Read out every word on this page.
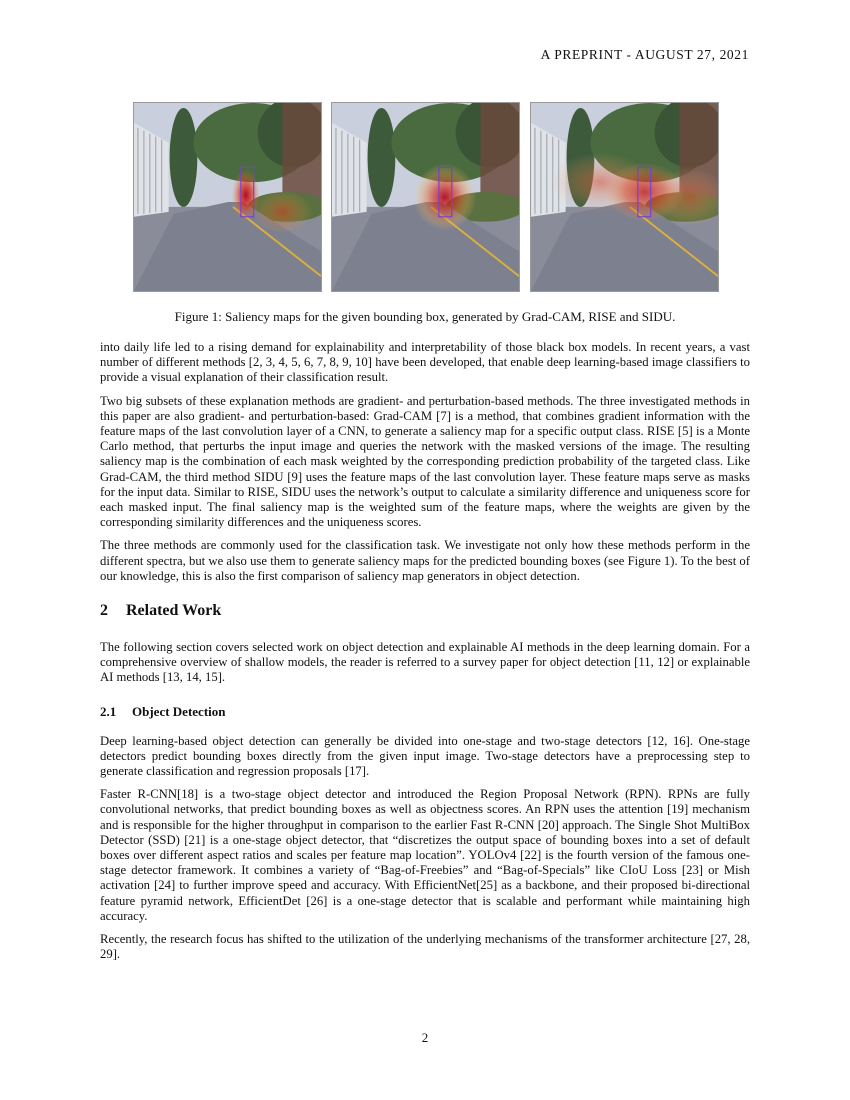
A PREPRINT - AUGUST 27, 2021
Figure 1: Saliency maps for the given bounding box, generated by Grad-CAM, RISE and SIDU.

into daily life led to a rising demand for explainability and interpretability of those black box models. In recent years, a vast number of different methods [2, 3, 4, 5, 6, 7, 8, 9, 10] have been developed, that enable deep learning-based image classifiers to provide a visual explanation of their classification result.

Two big subsets of these explanation methods are gradient- and perturbation-based methods. The three investigated methods in this paper are also gradient- and perturbation-based: Grad-CAM [7] is a method, that combines gradient information with the feature maps of the last convolution layer of a CNN, to generate a saliency map for a specific output class. RISE [5] is a Monte Carlo method, that perturbs the input image and queries the network with the masked versions of the image. The resulting saliency map is the combination of each mask weighted by the corresponding prediction probability of the targeted class. Like Grad-CAM, the third method SIDU [9] uses the feature maps of the last convolution layer. These feature maps serve as masks for the input data. Similar to RISE, SIDU uses the network’s output to calculate a similarity difference and uniqueness score for each masked input. The final saliency map is the weighted sum of the feature maps, where the weights are given by the corresponding similarity differences and the uniqueness scores.

The three methods are commonly used for the classification task. We investigate not only how these methods perform in the different spectra, but we also use them to generate saliency maps for the predicted bounding boxes (see Figure 1). To the best of our knowledge, this is also the first comparison of saliency map generators in object detection.

2 Related Work

The following section covers selected work on object detection and explainable AI methods in the deep learning domain. For a comprehensive overview of shallow models, the reader is referred to a survey paper for object detection [11, 12] or explainable AI methods [13, 14, 15].

2.1 Object Detection

Deep learning-based object detection can generally be divided into one-stage and two-stage detectors [12, 16]. One-stage detectors predict bounding boxes directly from the given input image. Two-stage detectors have a preprocessing step to generate classification and regression proposals [17].

Faster R-CNN[18] is a two-stage object detector and introduced the Region Proposal Network (RPN). RPNs are fully convolutional networks, that predict bounding boxes as well as objectness scores. An RPN uses the attention [19] mechanism and is responsible for the higher throughput in comparison to the earlier Fast R-CNN [20] approach. The Single Shot MultiBox Detector (SSD) [21] is a one-stage object detector, that “discretizes the output space of bounding boxes into a set of default boxes over different aspect ratios and scales per feature map location”. YOLOv4 [22] is the fourth version of the famous one-stage detector framework. It combines a variety of “Bag-of-Freebies” and “Bag-of-Specials” like CIoU Loss [23] or Mish activation [24] to further improve speed and accuracy. With EfficientNet[25] as a backbone, and their proposed bi-directional feature pyramid network, EfficientDet [26] is a one-stage detector that is scalable and performant while maintaining high accuracy.

Recently, the research focus has shifted to the utilization of the underlying mechanisms of the transformer architecture [27, 28, 29].

2
